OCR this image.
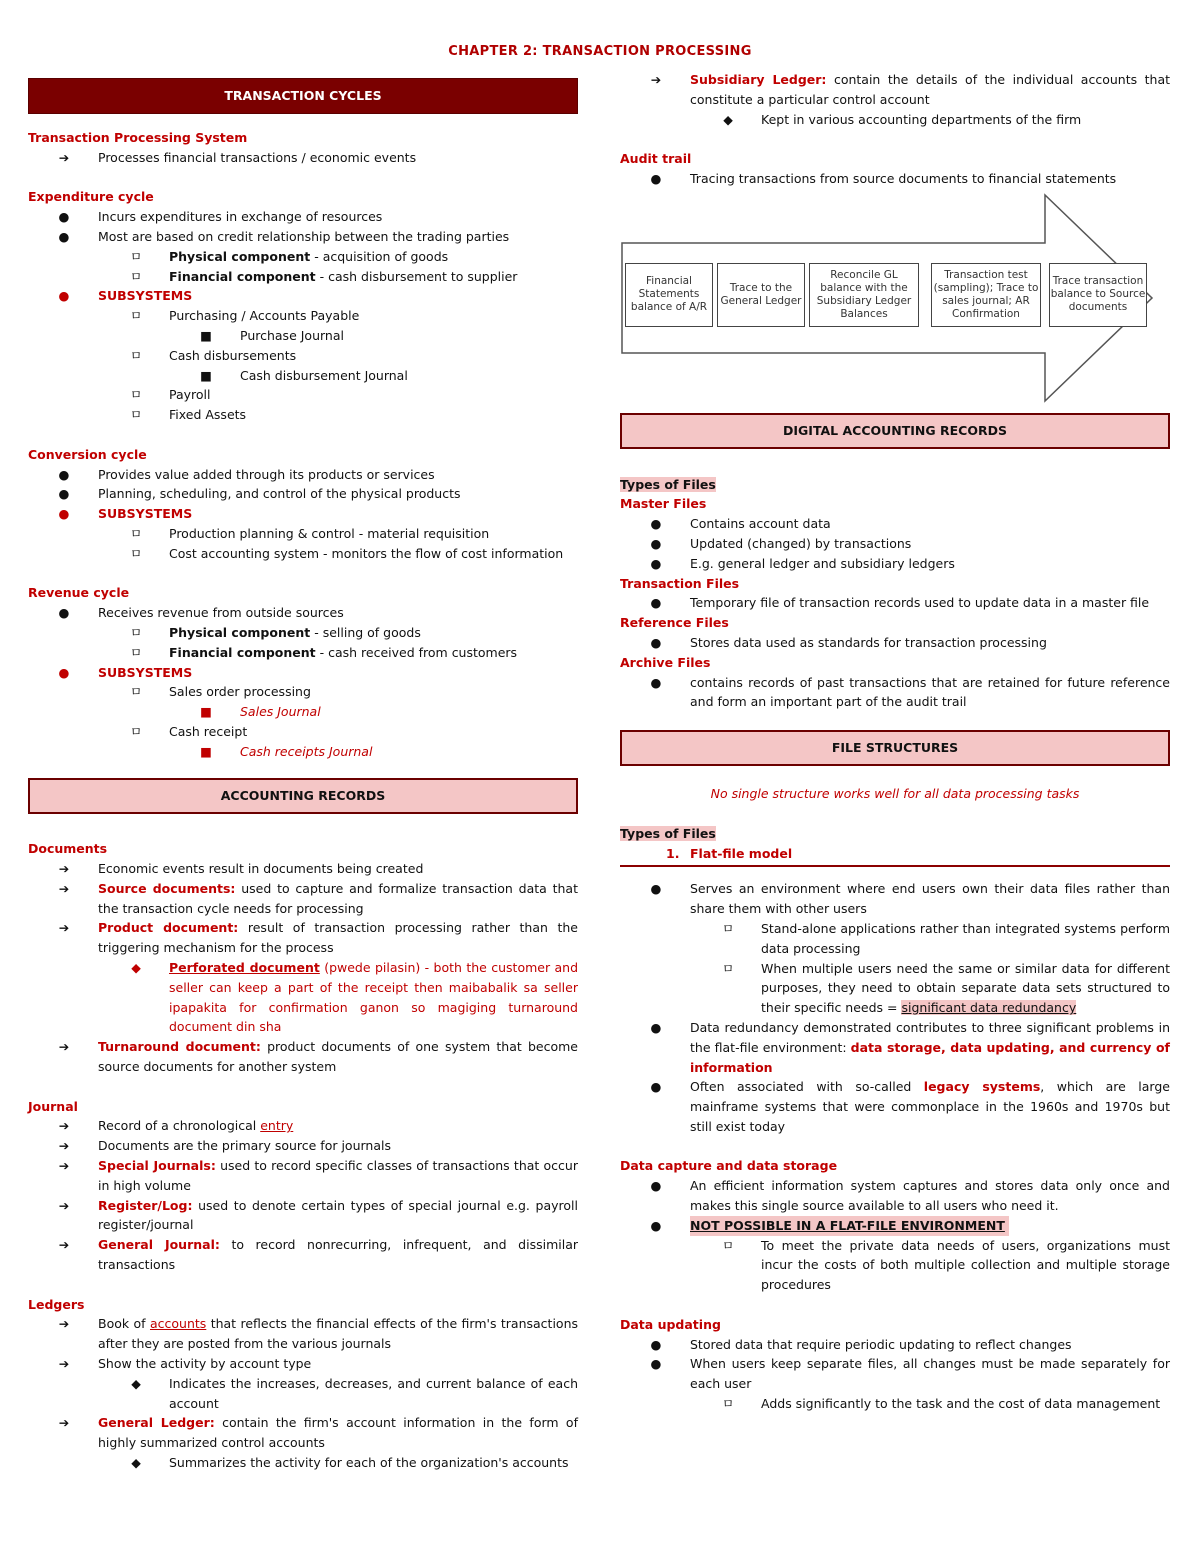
CHAPTER 2: TRANSACTION PROCESSING
TRANSACTION CYCLES
Transaction Processing System
➔ Processes financial transactions / economic events
Expenditure cycle
● Incurs expenditures in exchange of resources
● Most are based on credit relationship between the trading parties
ㅁ Physical component - acquisition of goods
ㅁ Financial component - cash disbursement to supplier
● SUBSYSTEMS
ㅁ Purchasing / Accounts Payable
■ Purchase Journal
ㅁ Cash disbursements
■ Cash disbursement Journal
ㅁ Payroll
ㅁ Fixed Assets
Conversion cycle
● Provides value added through its products or services
● Planning, scheduling, and control of the physical products
● SUBSYSTEMS
ㅁ Production planning & control - material requisition
ㅁ Cost accounting system - monitors the flow of cost information
Revenue cycle
● Receives revenue from outside sources
ㅁ Physical component - selling of goods
ㅁ Financial component - cash received from customers
● SUBSYSTEMS
ㅁ Sales order processing
■ Sales Journal
ㅁ Cash receipt
■ Cash receipts Journal
ACCOUNTING RECORDS
Documents
➔ Economic events result in documents being created
➔ Source documents: used to capture and formalize transaction data that the transaction cycle needs for processing
➔ Product document: result of transaction processing rather than the triggering mechanism for the process
◆ Perforated document (pwede pilasin) - both the customer and seller can keep a part of the receipt then maibabalik sa seller ipapakita for confirmation ganon so magiging turnaround document din sha
➔ Turnaround document: product documents of one system that become source documents for another system
Journal
➔ Record of a chronological entry
➔ Documents are the primary source for journals
➔ Special Journals: used to record specific classes of transactions that occur in high volume
➔ Register/Log: used to denote certain types of special journal e.g. payroll register/journal
➔ General Journal: to record nonrecurring, infrequent, and dissimilar transactions
Ledgers
➔ Book of accounts that reflects the financial effects of the firm's transactions after they are posted from the various journals
➔ Show the activity by account type
◆ Indicates the increases, decreases, and current balance of each account
➔ General Ledger: contain the firm's account information in the form of highly summarized control accounts
◆ Summarizes the activity for each of the organization's accounts
➔ Subsidiary Ledger: contain the details of the individual accounts that constitute a particular control account
◆ Kept in various accounting departments of the firm
Audit trail
● Tracing transactions from source documents to financial statements
Financial Statements balance of A/R
Trace to the General Ledger
Reconcile GL balance with the Subsidiary Ledger Balances
Transaction test (sampling); Trace to sales journal; AR Confirmation
Trace transaction balance to Source documents
DIGITAL ACCOUNTING RECORDS
Types of Files
Master Files
● Contains account data
● Updated (changed) by transactions
● E.g. general ledger and subsidiary ledgers
Transaction Files
● Temporary file of transaction records used to update data in a master file
Reference Files
● Stores data used as standards for transaction processing
Archive Files
● contains records of past transactions that are retained for future reference and form an important part of the audit trail
FILE STRUCTURES
No single structure works well for all data processing tasks
Types of Files
1. Flat-file model
● Serves an environment where end users own their data files rather than share them with other users
ㅁ Stand-alone applications rather than integrated systems perform data processing
ㅁ When multiple users need the same or similar data for different purposes, they need to obtain separate data sets structured to their specific needs = significant data redundancy
● Data redundancy demonstrated contributes to three significant problems in the flat-file environment: data storage, data updating, and currency of information
● Often associated with so-called legacy systems, which are large mainframe systems that were commonplace in the 1960s and 1970s but still exist today
Data capture and data storage
● An efficient information system captures and stores data only once and makes this single source available to all users who need it.
● NOT POSSIBLE IN A FLAT-FILE ENVIRONMENT
ㅁ To meet the private data needs of users, organizations must incur the costs of both multiple collection and multiple storage procedures
Data updating
● Stored data that require periodic updating to reflect changes
● When users keep separate files, all changes must be made separately for each user
ㅁ Adds significantly to the task and the cost of data management
